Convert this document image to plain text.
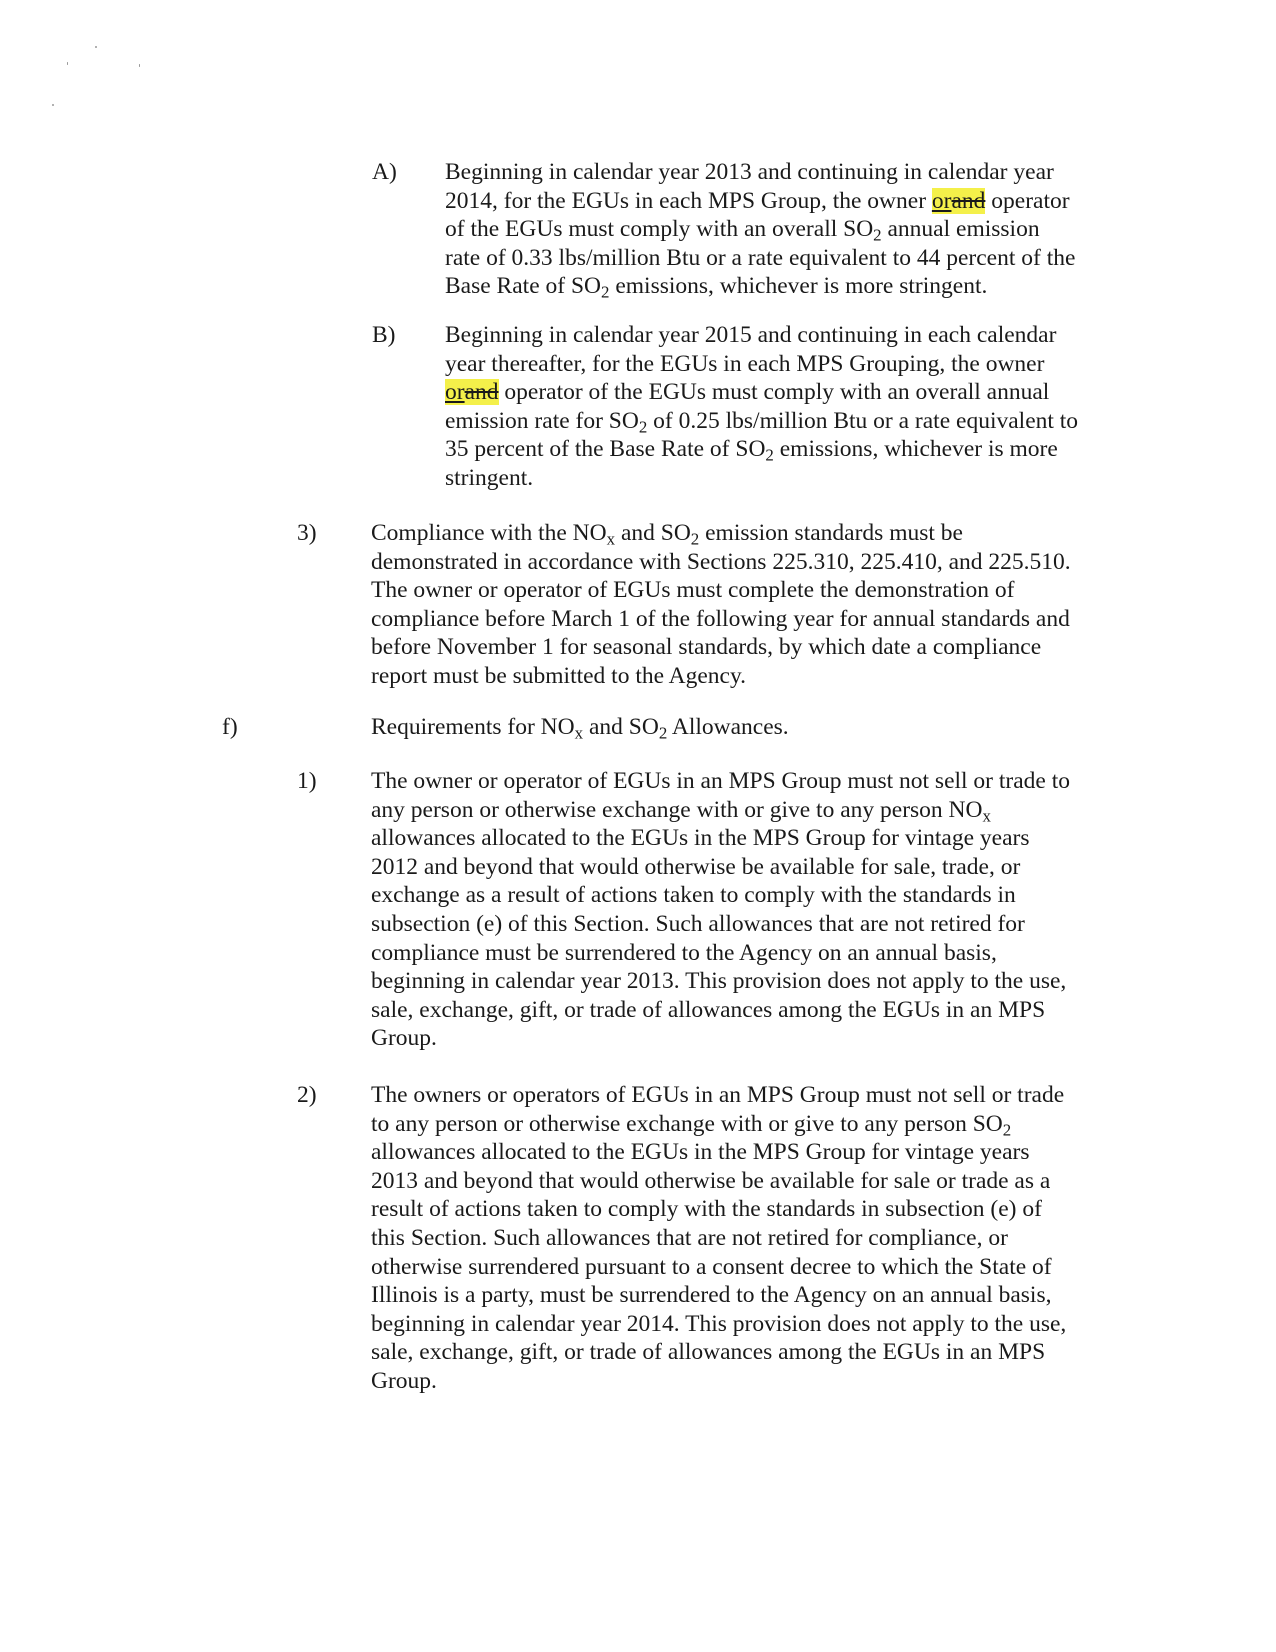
A) Beginning in calendar year 2013 and continuing in calendar year
2014, for the EGUs in each MPS Group, the owner orand operator
of the EGUs must comply with an overall $SO_2$ annual emission
rate of 0.33 lbs/million Btu or a rate equivalent to 44 percent of the
Base Rate of $SO_2$ emissions, whichever is more stringent.
B) Beginning in calendar year 2015 and continuing in each calendar
year thereafter, for the EGUs in each MPS Grouping, the owner
orand operator of the EGUs must comply with an overall annual
emission rate for $SO_2$ of 0.25 lbs/million Btu or a rate equivalent to
35 percent of the Base Rate of $SO_2$ emissions, whichever is more
stringent.
3) Compliance with the $NO_x$ and $SO_2$ emission standards must be
demonstrated in accordance with Sections 225.310, 225.410, and 225.510.
The owner or operator of EGUs must complete the demonstration of
compliance before March 1 of the following year for annual standards and
before November 1 for seasonal standards, by which date a compliance
report must be submitted to the Agency.
f)	Requirements for $NO_x$ and $SO_2$ Allowances.
1) The owner or operator of EGUs in an MPS Group must not sell or trade to
any person or otherwise exchange with or give to any person $NO_x$
allowances allocated to the EGUs in the MPS Group for vintage years
2012 and beyond that would otherwise be available for sale, trade, or
exchange as a result of actions taken to comply with the standards in
subsection (e) of this Section. Such allowances that are not retired for
compliance must be surrendered to the Agency on an annual basis,
beginning in calendar year 2013. This provision does not apply to the use,
sale, exchange, gift, or trade of allowances among the EGUs in an MPS
Group.
2) The owners or operators of EGUs in an MPS Group must not sell or trade
to any person or otherwise exchange with or give to any person $SO_2$
allowances allocated to the EGUs in the MPS Group for vintage years
2013 and beyond that would otherwise be available for sale or trade as a
result of actions taken to comply with the standards in subsection (e) of
this Section. Such allowances that are not retired for compliance, or
otherwise surrendered pursuant to a consent decree to which the State of
Illinois is a party, must be surrendered to the Agency on an annual basis,
beginning in calendar year 2014. This provision does not apply to the use,
sale, exchange, gift, or trade of allowances among the EGUs in an MPS
Group.
